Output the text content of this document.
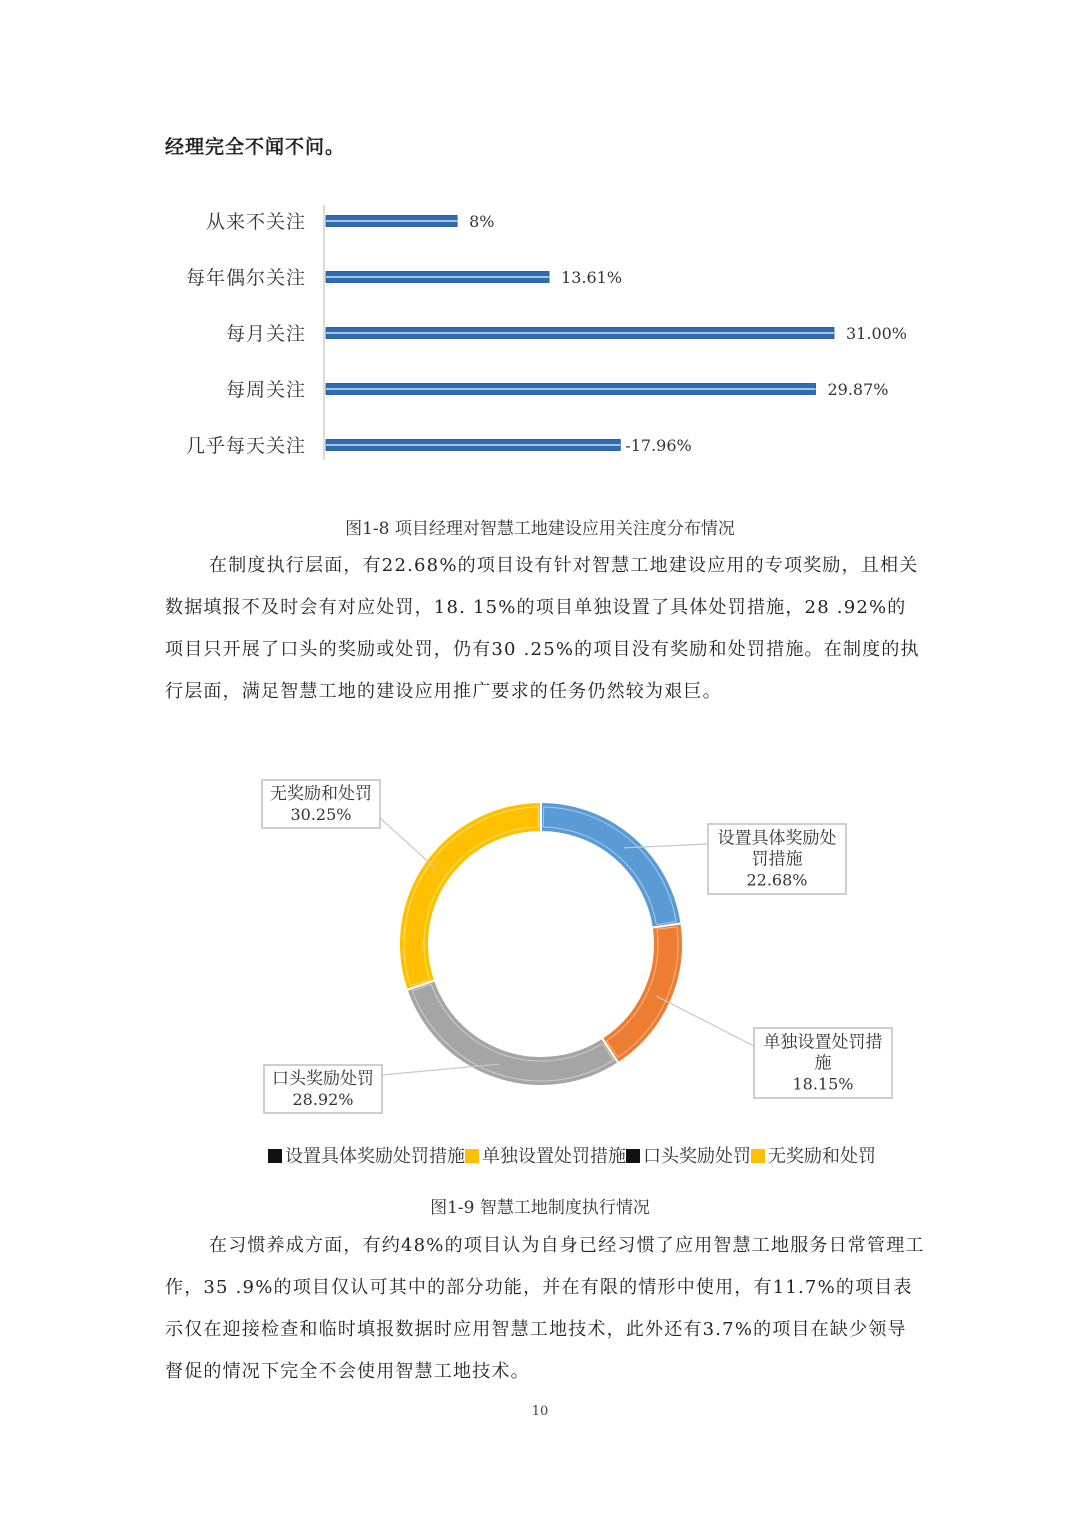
经理完全不闻不问。
从来不关注	8%
每年偶尔关注	13.61%
每月关注	31.00%
每周关注	29.87%
几乎每天关注	-17.96%
图1-8 项目经理对智慧工地建设应用关注度分布情况

在制度执行层面，有22.68%的项目设有针对智慧工地建设应用的专项奖励，且相关数据填报不及时会有对应处罚，18. 15%的项目单独设置了具体处罚措施，28 .92%的项目只开展了口头的奖励或处罚，仍有30 .25%的项目没有奖励和处罚措施。在制度的执行层面，满足智慧工地的建设应用推广要求的任务仍然较为艰巨。

设置具体奖励处
罚措施
22.68%
单独设置处罚措
施
18.15%
口头奖励处罚
28.92%
无奖励和处罚
30.25%
设置具体奖励处罚措施 单独设置处罚措施 口头奖励处罚 无奖励和处罚
图1-9 智慧工地制度执行情况

在习惯养成方面，有约48%的项目认为自身已经习惯了应用智慧工地服务日常管理工作，35 .9%的项目仅认可其中的部分功能，并在有限的情形中使用，有11.7%的项目表示仅在迎接检查和临时填报数据时应用智慧工地技术，此外还有3.7%的项目在缺少领导督促的情况下完全不会使用智慧工地技术。

10
